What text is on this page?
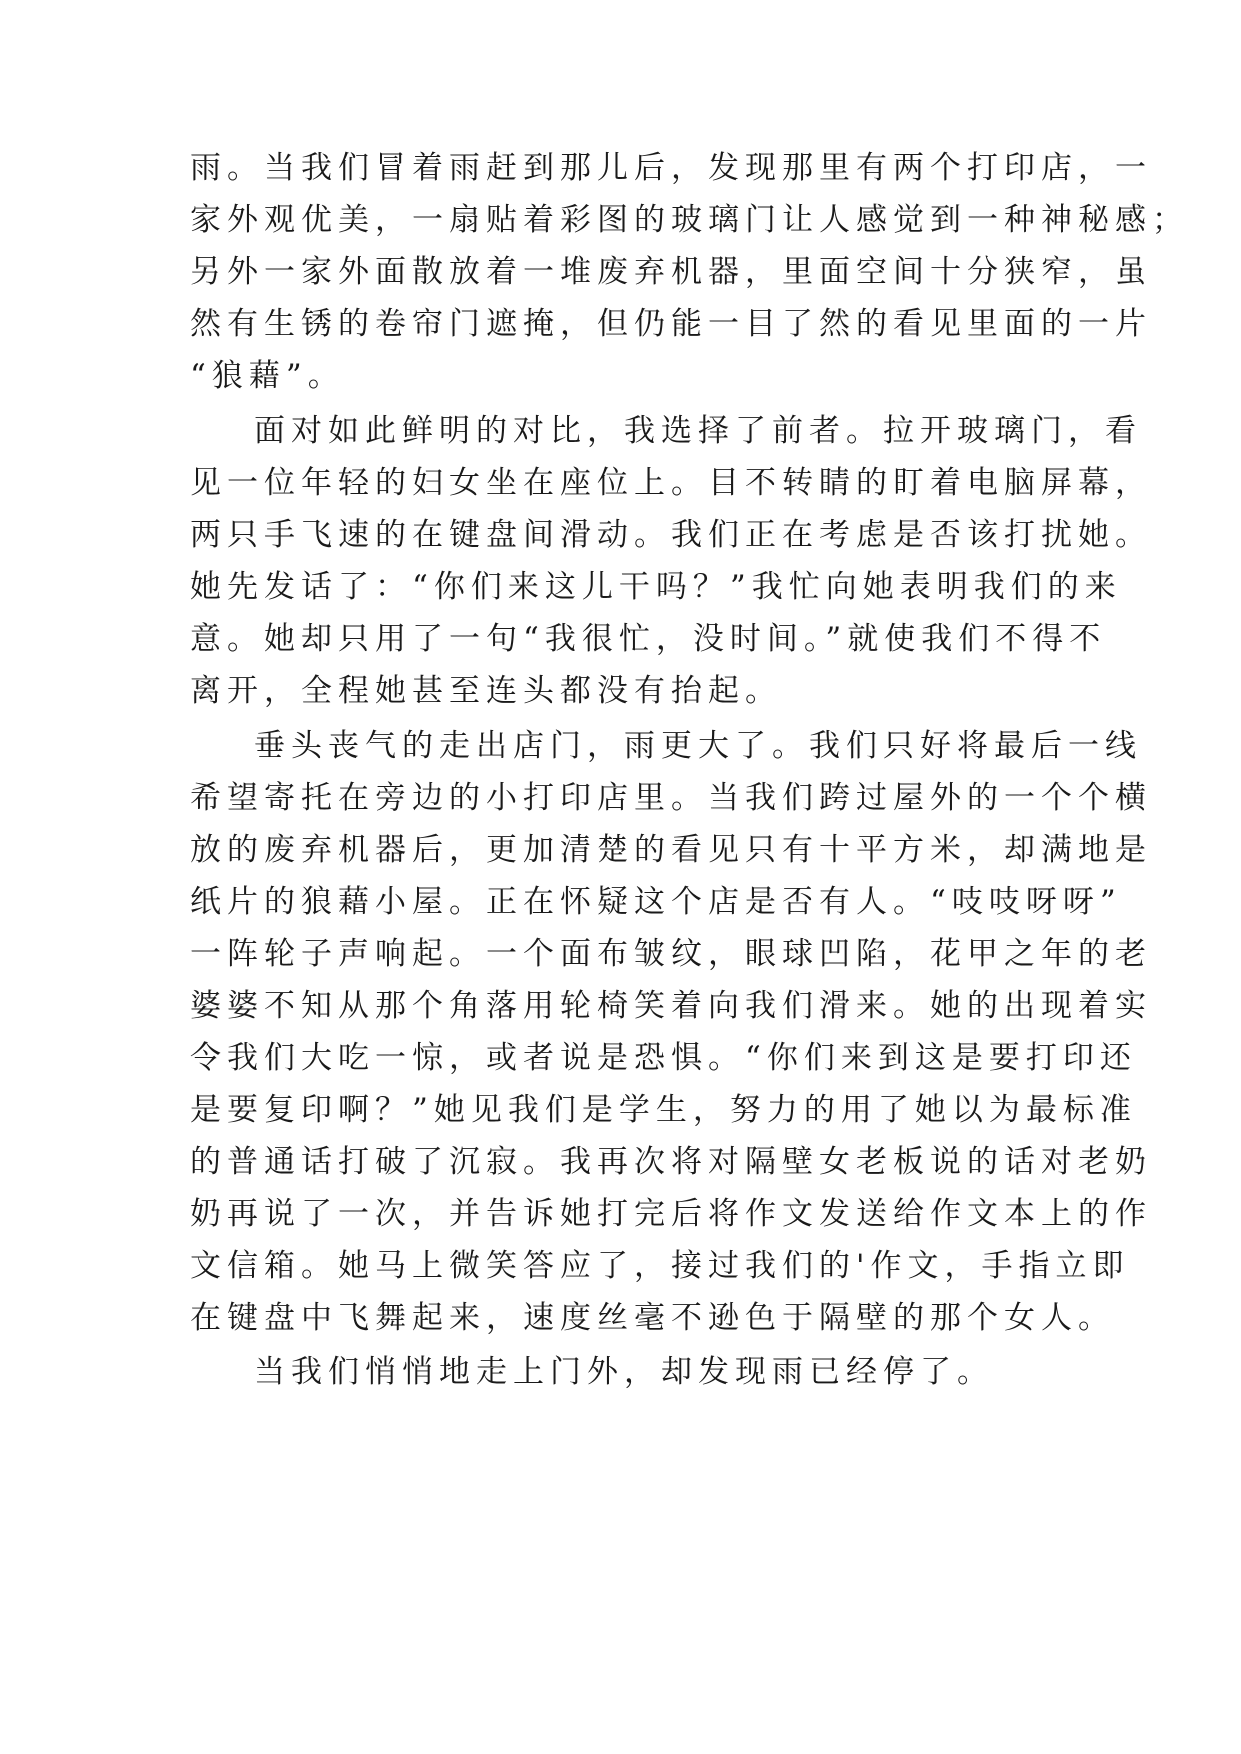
雨。当我们冒着雨赶到那儿后，发现那里有两个打印店，一
家外观优美，一扇贴着彩图的玻璃门让人感觉到一种神秘感；
另外一家外面散放着一堆废弃机器，里面空间十分狭窄，虽
然有生锈的卷帘门遮掩，但仍能一目了然的看见里面的一片
“狼藉”。
面对如此鲜明的对比，我选择了前者。拉开玻璃门，看
见一位年轻的妇女坐在座位上。目不转睛的盯着电脑屏幕，
两只手飞速的在键盘间滑动。我们正在考虑是否该打扰她。
她先发话了：“你们来这儿干吗？”我忙向她表明我们的来
意。她却只用了一句“我很忙，没时间。”就使我们不得不
离开，全程她甚至连头都没有抬起。
垂头丧气的走出店门，雨更大了。我们只好将最后一线
希望寄托在旁边的小打印店里。当我们跨过屋外的一个个横
放的废弃机器后，更加清楚的看见只有十平方米，却满地是
纸片的狼藉小屋。正在怀疑这个店是否有人。“吱吱呀呀”
一阵轮子声响起。一个面布皱纹，眼球凹陷，花甲之年的老
婆婆不知从那个角落用轮椅笑着向我们滑来。她的出现着实
令我们大吃一惊，或者说是恐惧。“你们来到这是要打印还
是要复印啊？”她见我们是学生，努力的用了她以为最标准
的普通话打破了沉寂。我再次将对隔壁女老板说的话对老奶
奶再说了一次，并告诉她打完后将作文发送给作文本上的作
文信箱。她马上微笑答应了，接过我们的'作文，手指立即
在键盘中飞舞起来，速度丝毫不逊色于隔壁的那个女人。
当我们悄悄地走上门外，却发现雨已经停了。
